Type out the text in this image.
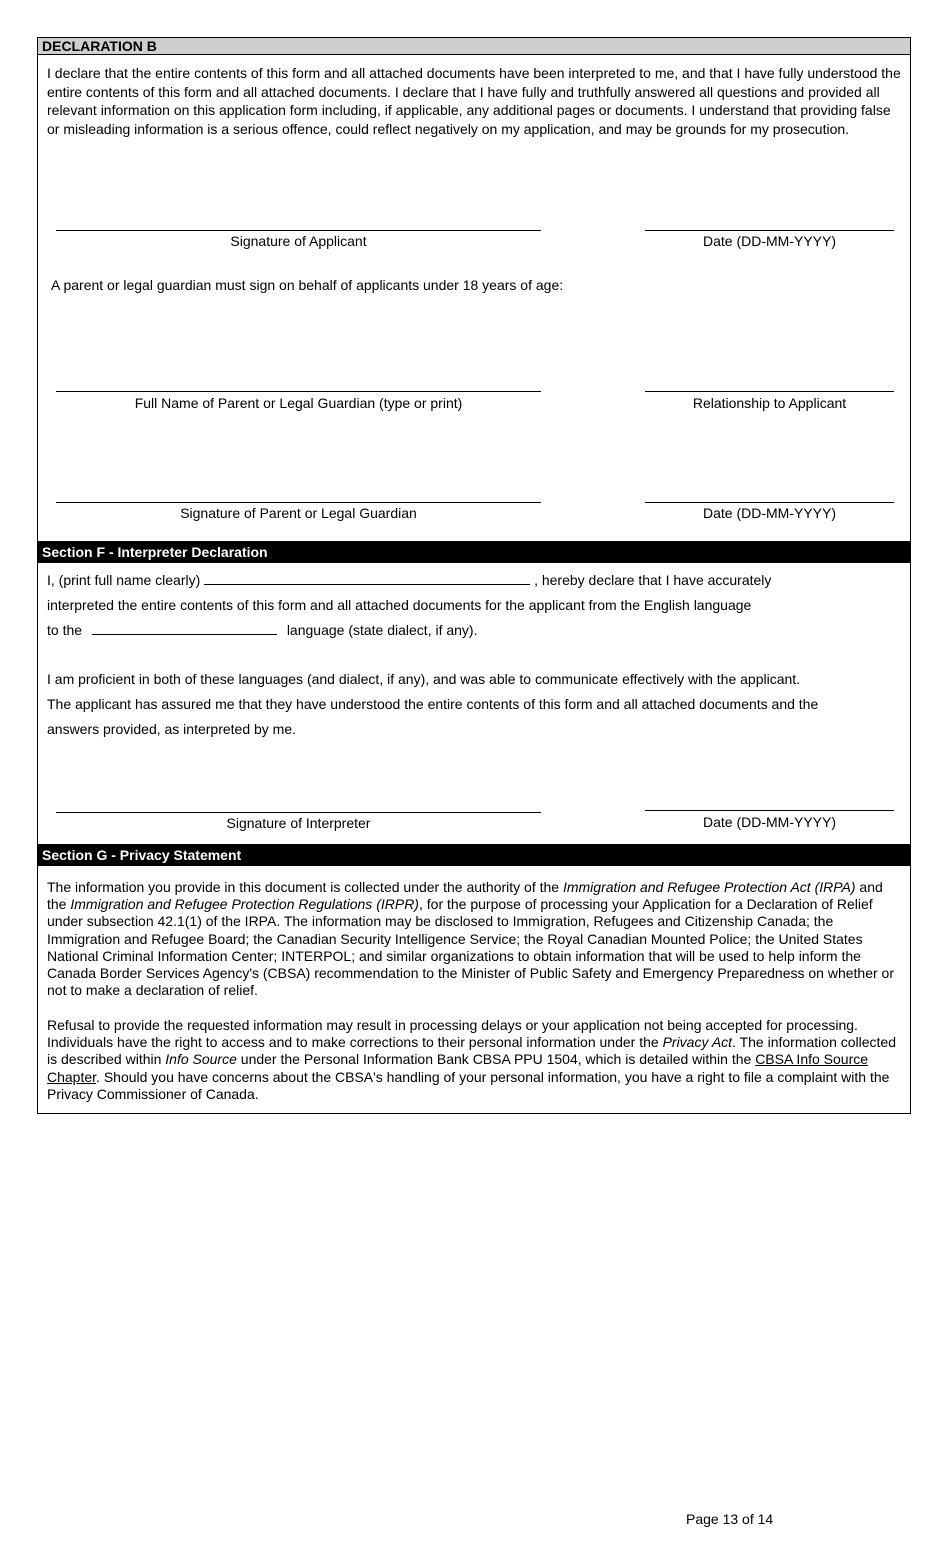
DECLARATION B
I declare that the entire contents of this form and all attached documents have been interpreted to me, and that I have fully understood the entire contents of this form and all attached documents. I declare that I have fully and truthfully answered all questions and provided all relevant information on this application form including, if applicable, any additional pages or documents. I understand that providing false or misleading information is a serious offence, could reflect negatively on my application, and may be grounds for my prosecution.
Signature of Applicant	Date (DD-MM-YYYY)
A parent or legal guardian must sign on behalf of applicants under 18 years of age:
Full Name of Parent or Legal Guardian (type or print)	Relationship to Applicant
Signature of Parent or Legal Guardian	Date (DD-MM-YYYY)
Section F - Interpreter Declaration
I, (print full name clearly)	, hereby declare that I have accurately
interpreted the entire contents of this form and all attached documents for the applicant from the English language
to the	language (state dialect, if any).
I am proficient in both of these languages (and dialect, if any), and was able to communicate effectively with the applicant.
The applicant has assured me that they have understood the entire contents of this form and all attached documents and the
answers provided, as interpreted by me.
Signature of Interpreter	Date (DD-MM-YYYY)
Section G - Privacy Statement
The information you provide in this document is collected under the authority of the Immigration and Refugee Protection Act (IRPA) and the Immigration and Refugee Protection Regulations (IRPR), for the purpose of processing your Application for a Declaration of Relief under subsection 42.1(1) of the IRPA. The information may be disclosed to Immigration, Refugees and Citizenship Canada; the Immigration and Refugee Board; the Canadian Security Intelligence Service; the Royal Canadian Mounted Police; the United States National Criminal Information Center; INTERPOL; and similar organizations to obtain information that will be used to help inform the Canada Border Services Agency's (CBSA) recommendation to the Minister of Public Safety and Emergency Preparedness on whether or not to make a declaration of relief.
Refusal to provide the requested information may result in processing delays or your application not being accepted for processing. Individuals have the right to access and to make corrections to their personal information under the Privacy Act. The information collected is described within Info Source under the Personal Information Bank CBSA PPU 1504, which is detailed within the CBSA Info Source Chapter. Should you have concerns about the CBSA's handling of your personal information, you have a right to file a complaint with the Privacy Commissioner of Canada.
Page 13 of 14
